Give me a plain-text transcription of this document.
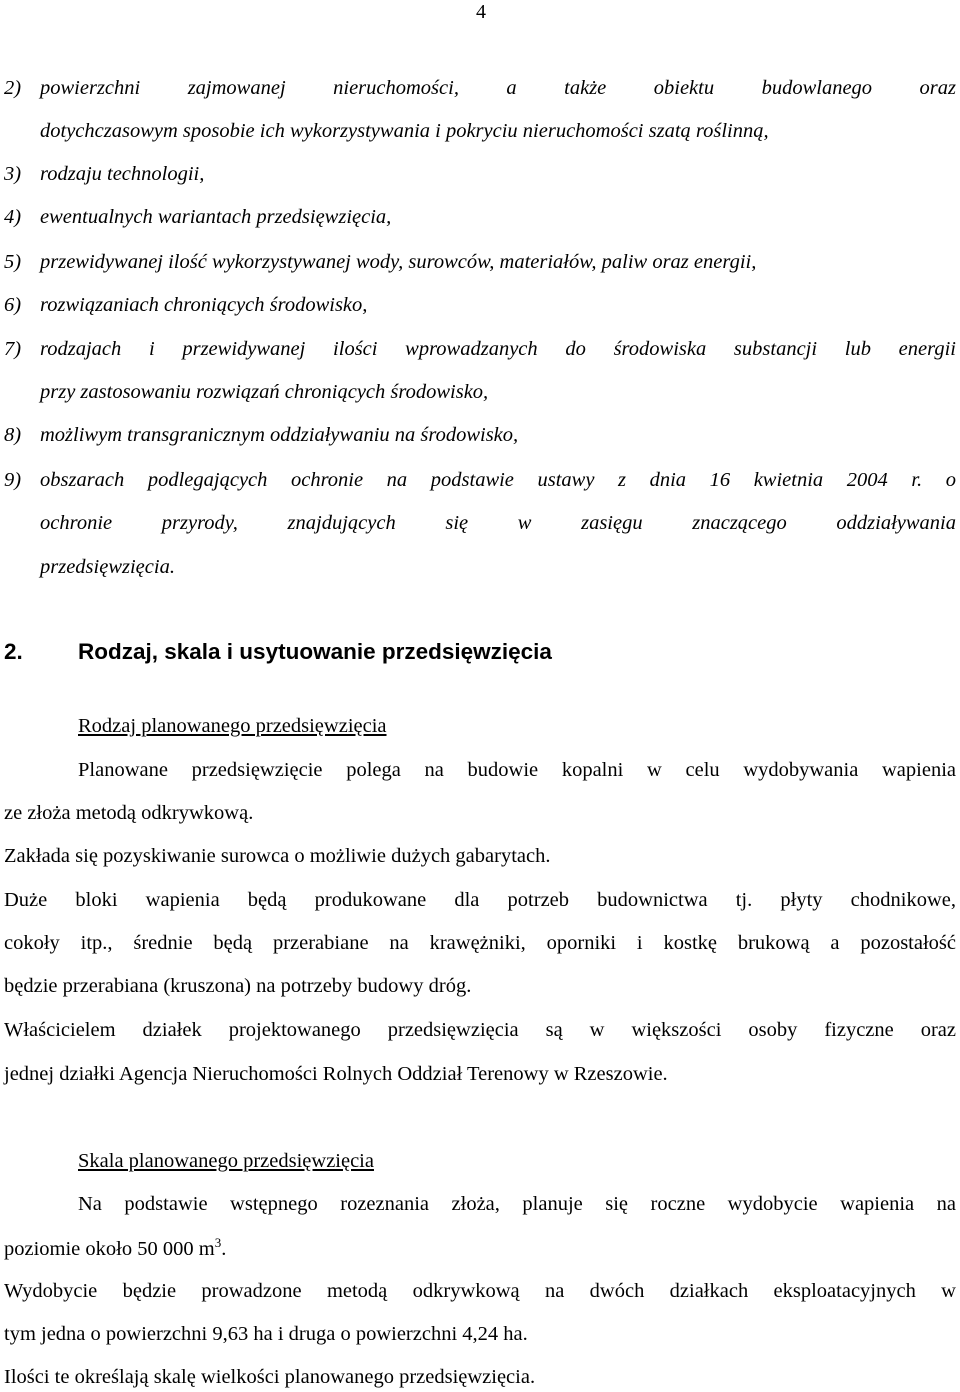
4
2) powierzchni zajmowanej nieruchomości, a także obiektu budowlanego oraz
dotychczasowym sposobie ich wykorzystywania i pokryciu nieruchomości szatą roślinną,
3) rodzaju technologii,
4) ewentualnych wariantach przedsięwzięcia,
5) przewidywanej ilość wykorzystywanej wody, surowców, materiałów, paliw oraz energii,
6) rozwiązaniach chroniących środowisko,
7) rodzajach i przewidywanej ilości wprowadzanych do środowiska substancji lub energii
przy zastosowaniu rozwiązań chroniących środowisko,
8) możliwym transgranicznym oddziaływaniu na środowisko,
9) obszarach podlegających ochronie na podstawie ustawy z dnia 16 kwietnia 2004 r. o
ochronie przyrody, znajdujących się w zasięgu znaczącego oddziaływania
przedsięwzięcia.
2. Rodzaj, skala i usytuowanie przedsięwzięcia
Rodzaj planowanego przedsięwzięcia
Planowane przedsięwzięcie polega na budowie kopalni w celu wydobywania wapienia
ze złoża metodą odkrywkową.
Zakłada się pozyskiwanie surowca o możliwie dużych gabarytach.
Duże bloki wapienia będą produkowane dla potrzeb budownictwa tj. płyty chodnikowe,
cokoły itp., średnie będą przerabiane na krawężniki, oporniki i kostkę brukową a pozostałość
będzie przerabiana (kruszona) na potrzeby budowy dróg.
Właścicielem działek projektowanego przedsięwzięcia są w większości osoby fizyczne oraz
jednej działki Agencja Nieruchomości Rolnych Oddział Terenowy w Rzeszowie.
Skala planowanego przedsięwzięcia
Na podstawie wstępnego rozeznania złoża, planuje się roczne wydobycie wapienia na
poziomie około 50 000 $m^3$.
Wydobycie będzie prowadzone metodą odkrywkową na dwóch działkach eksploatacyjnych w
tym jedna o powierzchni 9,63 ha i druga o powierzchni 4,24 ha.
Ilości te określają skalę wielkości planowanego przedsięwzięcia.
